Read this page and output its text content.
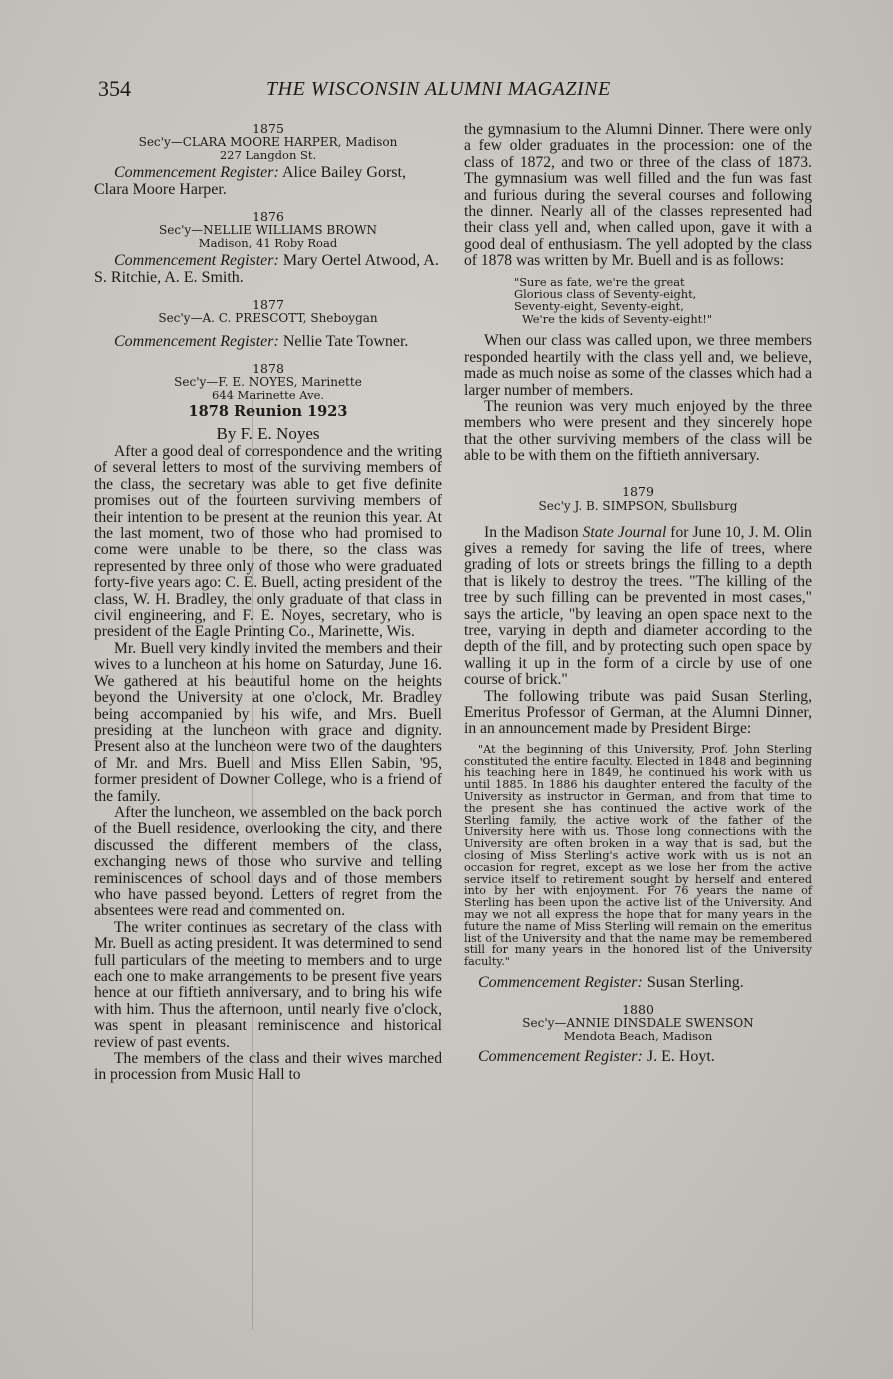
354	THE WISCONSIN ALUMNI MAGAZINE

1875

Sec'y—CLARA MOORE HARPER, Madison

227 Langdon St.

Commencement Register: Alice Bailey Gorst, Clara Moore Harper.

1876

Sec'y—NELLIE WILLIAMS BROWN

Madison, 41 Roby Road

Commencement Register: Mary Oertel Atwood, A. S. Ritchie, A. E. Smith.

1877

Sec'y—A. C. PRESCOTT, Sheboygan

Commencement Register: Nellie Tate Towner.

1878

Sec'y—F. E. NOYES, Marinette

644 Marinette Ave.

1878 Reunion 1923

By F. E. Noyes

After a good deal of correspondence and the writing of several letters to most of the surviving members of the class, the secretary was able to get five definite promises out of the fourteen surviving members of their intention to be present at the reunion this year. At the last moment, two of those who had promised to come were unable to be there, so the class was represented by three only of those who were graduated forty-five years ago: C. E. Buell, acting president of the class, W. H. Bradley, the only graduate of that class in civil engineering, and F. E. Noyes, secretary, who is president of the Eagle Printing Co., Marinette, Wis.

Mr. Buell very kindly invited the members and their wives to a luncheon at his home on Saturday, June 16. We gathered at his beautiful home on the heights beyond the University at one o'clock, Mr. Bradley being accompanied by his wife, and Mrs. Buell presiding at the luncheon with grace and dignity. Present also at the luncheon were two of the daughters of Mr. and Mrs. Buell and Miss Ellen Sabin, '95, former president of Downer College, who is a friend of the family.

After the luncheon, we assembled on the back porch of the Buell residence, overlooking the city, and there discussed the different members of the class, exchanging news of those who survive and telling reminiscences of school days and of those members who have passed beyond. Letters of regret from the absentees were read and commented on.

The writer continues as secretary of the class with Mr. Buell as acting president. It was determined to send full particulars of the meeting to members and to urge each one to make arrangements to be present five years hence at our fiftieth anniversary, and to bring his wife with him. Thus the afternoon, until nearly five o'clock, was spent in pleasant reminiscence and historical review of past events.

The members of the class and their wives marched in procession from Music Hall to

the gymnasium to the Alumni Dinner. There were only a few older graduates in the procession: one of the class of 1872, and two or three of the class of 1873. The gymnasium was well filled and the fun was fast and furious during the several courses and following the dinner. Nearly all of the classes represented had their class yell and, when called upon, gave it with a good deal of enthusiasm. The yell adopted by the class of 1878 was written by Mr. Buell and is as follows:

"Sure as fate, we're the great
Glorious class of Seventy-eight,
Seventy-eight, Seventy-eight,
We're the kids of Seventy-eight!"

When our class was called upon, we three members responded heartily with the class yell and, we believe, made as much noise as some of the classes which had a larger number of members.

The reunion was very much enjoyed by the three members who were present and they sincerely hope that the other surviving members of the class will be able to be with them on the fiftieth anniversary.

1879

Sec'y J. B. SIMPSON, Sbullsburg

In the Madison State Journal for June 10, J. M. Olin gives a remedy for saving the life of trees, where grading of lots or streets brings the filling to a depth that is likely to destroy the trees. "The killing of the tree by such filling can be prevented in most cases," says the article, "by leaving an open space next to the tree, varying in depth and diameter according to the depth of the fill, and by protecting such open space by walling it up in the form of a circle by use of one course of brick."

The following tribute was paid Susan Sterling, Emeritus Professor of German, at the Alumni Dinner, in an announcement made by President Birge:

"At the beginning of this University, Prof. John Sterling constituted the entire faculty. Elected in 1848 and beginning his teaching here in 1849, he continued his work with us until 1885. In 1886 his daughter entered the faculty of the University as instructor in German, and from that time to the present she has continued the active work of the Sterling family, the active work of the father of the University here with us. Those long connections with the University are often broken in a way that is sad, but the closing of Miss Sterling's active work with us is not an occasion for regret, except as we lose her from the active service itself to retirement sought by herself and entered into by her with enjoyment. For 76 years the name of Sterling has been upon the active list of the University. And may we not all express the hope that for many years in the future the name of Miss Sterling will remain on the emeritus list of the University and that the name may be remembered still for many years in the honored list of the University faculty."

Commencement Register: Susan Sterling.

1880

Sec'y—ANNIE DINSDALE SWENSON

Mendota Beach, Madison

Commencement Register: J. E. Hoyt.
